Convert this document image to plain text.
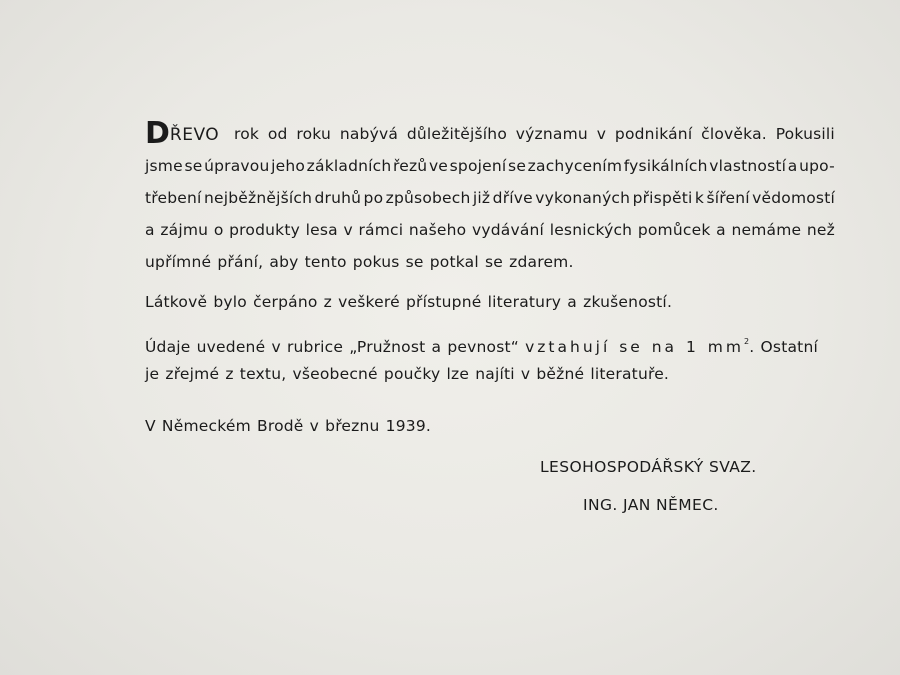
DŘEVO rok od roku nabývá důležitějšího významu v podnikání člověka. Pokusili
jsme se úpravou jeho základních řezů ve spojení se zachycením fysikálních vlastností a upo-
třebení nejběžnějších druhů po způsobech již dříve vykonaných přispěti k šíření vědomostí
a zájmu o produkty lesa v rámci našeho vydávání lesnických pomůcek a nemáme než
upřímné přání, aby tento pokus se potkal se zdarem.
Látkově bylo čerpáno z veškeré přístupné literatury a zkušeností.
Údaje uvedené v rubrice „Pružnost a pevnost“ vztahují se na 1 $mm^2$. Ostatní
je zřejmé z textu, všeobecné poučky lze najíti v běžné literatuře.
V Německém Brodě v březnu 1939.
LESOHOSPODÁŘSKÝ SVAZ.
ING. JAN NĚMEC.
